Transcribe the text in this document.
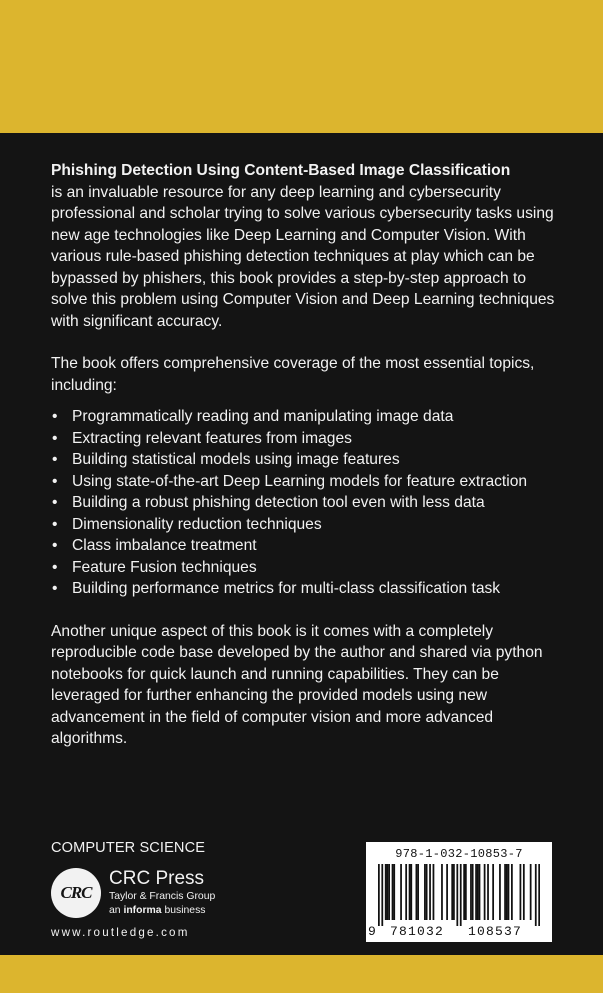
Phishing Detection Using Content-Based Image Classification
is an invaluable resource for any deep learning and cybersecurity professional and scholar trying to solve various cybersecurity tasks using new age technologies like Deep Learning and Computer Vision. With various rule-based phishing detection techniques at play which can be bypassed by phishers, this book provides a step-by-step approach to solve this problem using Computer Vision and Deep Learning techniques with significant accuracy.

The book offers comprehensive coverage of the most essential topics, including:

• Programmatically reading and manipulating image data
• Extracting relevant features from images
• Building statistical models using image features
• Using state-of-the-art Deep Learning models for feature extraction
• Building a robust phishing detection tool even with less data
• Dimensionality reduction techniques
• Class imbalance treatment
• Feature Fusion techniques
• Building performance metrics for multi-class classification task

Another unique aspect of this book is it comes with a completely reproducible code base developed by the author and shared via python notebooks for quick launch and running capabilities. They can be leveraged for further enhancing the provided models using new advancement in the field of computer vision and more advanced algorithms.

COMPUTER SCIENCE
CRC
CRC Press
Taylor & Francis Group
an informa business
www.routledge.com
978-1-032-10853-7
9 781032 108537
